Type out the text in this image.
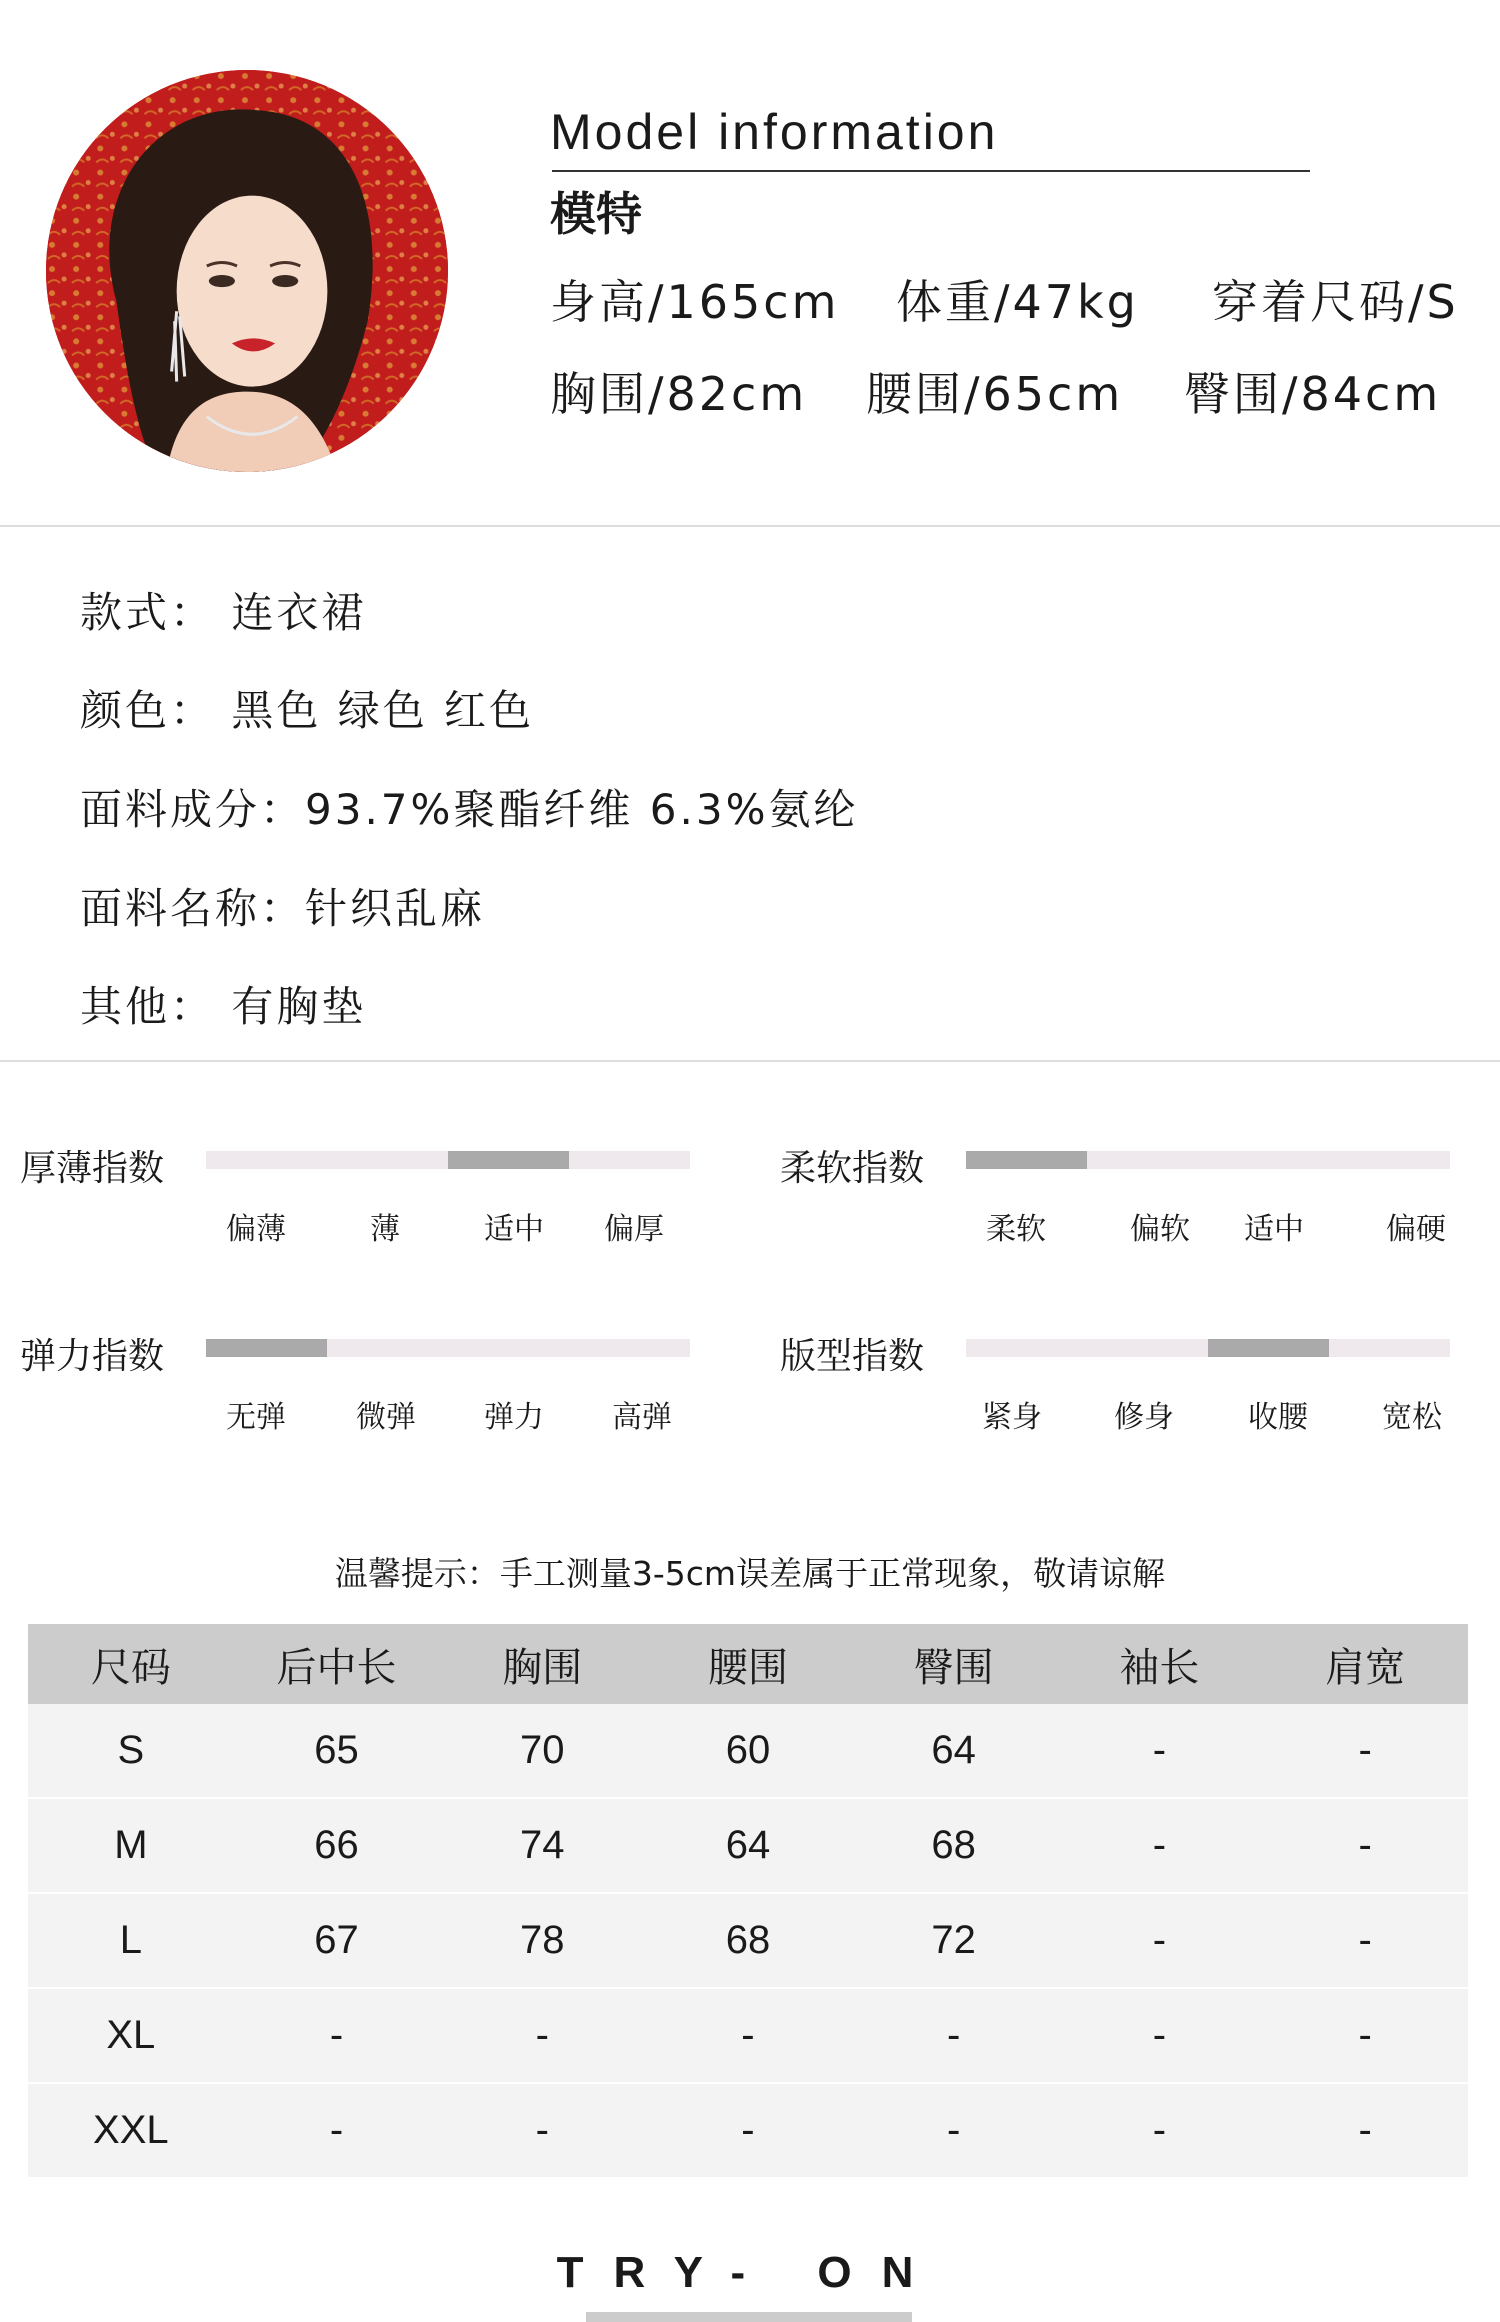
Model information
模特
身高/165cm 体重/47kg 穿着尺码/S
胸围/82cm 腰围/65cm 臀围/84cm
款式： 连衣裙
颜色： 黑色 绿色 红色
面料成分：93.7%聚酯纤维 6.3%氨纶
面料名称：针织乱麻
其他： 有胸垫
厚薄指数
偏薄	薄	适中 偏厚
柔软指数
柔软	偏软 适中	偏硬
弹力指数
无弹 微弹 弹力 高弹
版型指数
紧身 修身 收腰 宽松
温馨提示：手工测量3-5cm误差属于正常现象，敬请谅解
尺码	后中长	胸围	腰围	臀围	袖长	肩宽
S	65	70	60	64	-	-
M	66	74	64	68	-	-
L	67	78	68	72	-	-
XL	-	-	-	-	-	-
XXL	-	-	-	-	-	-
TRY- ON
